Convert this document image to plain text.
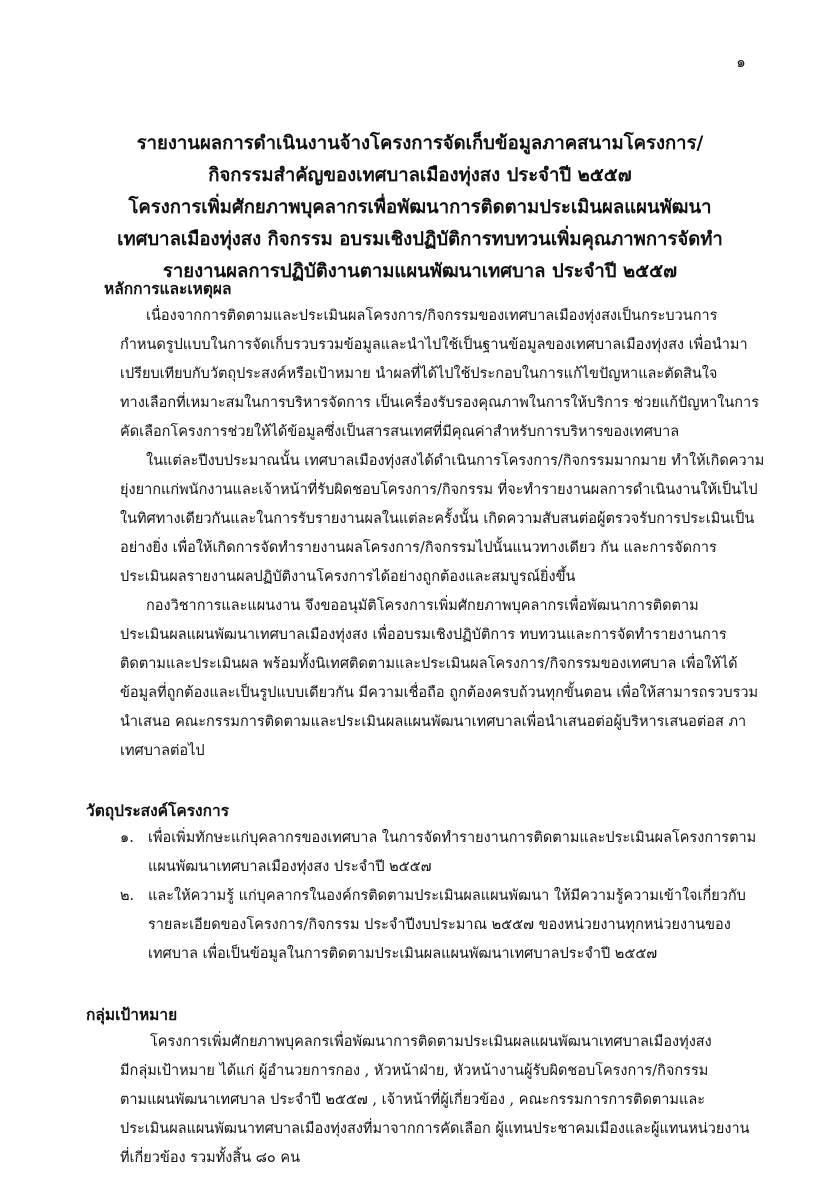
๑
รายงานผลการดำเนินงานจ้างโครงการจัดเก็บข้อมูลภาคสนามโครงการ/
กิจกรรมสำคัญของเทศบาลเมืองทุ่งสง ประจำปี ๒๕๕๗
โครงการเพิ่มศักยภาพบุคลากรเพื่อพัฒนาการติดตามประเมินผลแผนพัฒนา
เทศบาลเมืองทุ่งสง กิจกรรม อบรมเชิงปฏิบัติการทบทวนเพิ่มคุณภาพการจัดทำ
รายงานผลการปฏิบัติงานตามแผนพัฒนาเทศบาล ประจำปี ๒๕๕๗
หลักการและเหตุผล
เนื่องจากการติดตามและประเมินผลโครงการ/กิจกรรมของเทศบาลเมืองทุ่งสงเป็นกระบวนการ
กำหนดรูปแบบในการจัดเก็บรวบรวมข้อมูลและนำไปใช้เป็นฐานข้อมูลของเทศบาลเมืองทุ่งสง เพื่อนำมา
เปรียบเทียบกับวัตถุประสงค์หรือเป้าหมาย นำผลที่ได้ไปใช้ประกอบในการแก้ไขปัญหาและตัดสินใจ
ทางเลือกที่เหมาะสมในการบริหารจัดการ เป็นเครื่องรับรองคุณภาพในการให้บริการ ช่วยแก้ปัญหาในการ
คัดเลือกโครงการช่วยให้ได้ข้อมูลซึ่งเป็นสารสนเทศที่มีคุณค่าสำหรับการบริหารของเทศบาล
ในแต่ละปีงบประมาณนั้น เทศบาลเมืองทุ่งสงได้ดำเนินการโครงการ/กิจกรรมมากมาย ทำให้เกิดความ
ยุ่งยากแก่พนักงานและเจ้าหน้าที่รับผิดชอบโครงการ/กิจกรรม ที่จะทำรายงานผลการดำเนินงานให้เป็นไป
ในทิศทางเดียวกันและในการรับรายงานผลในแต่ละครั้งนั้น เกิดความสับสนต่อผู้ตรวจรับการประเมินเป็น
อย่างยิ่ง เพื่อให้เกิดการจัดทำรายงานผลโครงการ/กิจกรรมไปนั้นแนวทางเดียว กัน และการจัดการ
ประเมินผลรายงานผลปฏิบัติงานโครงการได้อย่างถูกต้องและสมบูรณ์ยิ่งขึ้น
กองวิชาการและแผนงาน จึงขออนุมัติโครงการเพิ่มศักยภาพบุคลากรเพื่อพัฒนาการติดตาม
ประเมินผลแผนพัฒนาเทศบาลเมืองทุ่งสง เพื่ออบรมเชิงปฏิบัติการ ทบทวนและการจัดทำรายงานการ
ติดตามและประเมินผล พร้อมทั้งนิเทศติดตามและประเมินผลโครงการ/กิจกรรมของเทศบาล เพื่อให้ได้
ข้อมูลที่ถูกต้องและเป็นรูปแบบเดียวกัน มีความเชื่อถือ ถูกต้องครบถ้วนทุกขั้นตอน เพื่อให้สามารถรวบรวม
นำเสนอ คณะกรรมการติดตามและประเมินผลแผนพัฒนาเทศบาลเพื่อนำเสนอต่อผู้บริหารเสนอต่อส ภา
เทศบาลต่อไป
วัตถุประสงค์โครงการ
๑. เพื่อเพิ่มทักษะแก่บุคลากรของเทศบาล ในการจัดทำรายงานการติดตามและประเมินผลโครงการตาม
แผนพัฒนาเทศบาลเมืองทุ่งสง ประจำปี ๒๕๕๗
๒. และให้ความรู้ แก่บุคลากรในองค์กรติดตามประเมินผลแผนพัฒนา ให้มีความรู้ความเข้าใจเกี่ยวกับ
รายละเอียดของโครงการ/กิจกรรม ประจำปีงบประมาณ ๒๕๕๗ ของหน่วยงานทุกหน่วยงานของ
เทศบาล เพื่อเป็นข้อมูลในการติดตามประเมินผลแผนพัฒนาเทศบาลประจำปี ๒๕๕๗
กลุ่มเป้าหมาย
โครงการเพิ่มศักยภาพบุคลกรเพื่อพัฒนาการติดตามประเมินผลแผนพัฒนาเทศบาลเมืองทุ่งสง
มีกลุ่มเป้าหมาย ได้แก่ ผู้อำนวยการกอง , หัวหน้าฝ่าย, หัวหน้างานผู้รับผิดชอบโครงการ/กิจกรรม
ตามแผนพัฒนาเทศบาล ประจำปี ๒๕๕๗ , เจ้าหน้าที่ผู้เกี่ยวข้อง , คณะกรรมการการติดตามและ
ประเมินผลแผนพัฒนาทศบาลเมืองทุ่งสงที่มาจากการคัดเลือก ผู้แทนประชาคมเมืองและผู้แทนหน่วยงาน
ที่เกี่ยวข้อง รวมทั้งสิ้น ๘๐ คน
